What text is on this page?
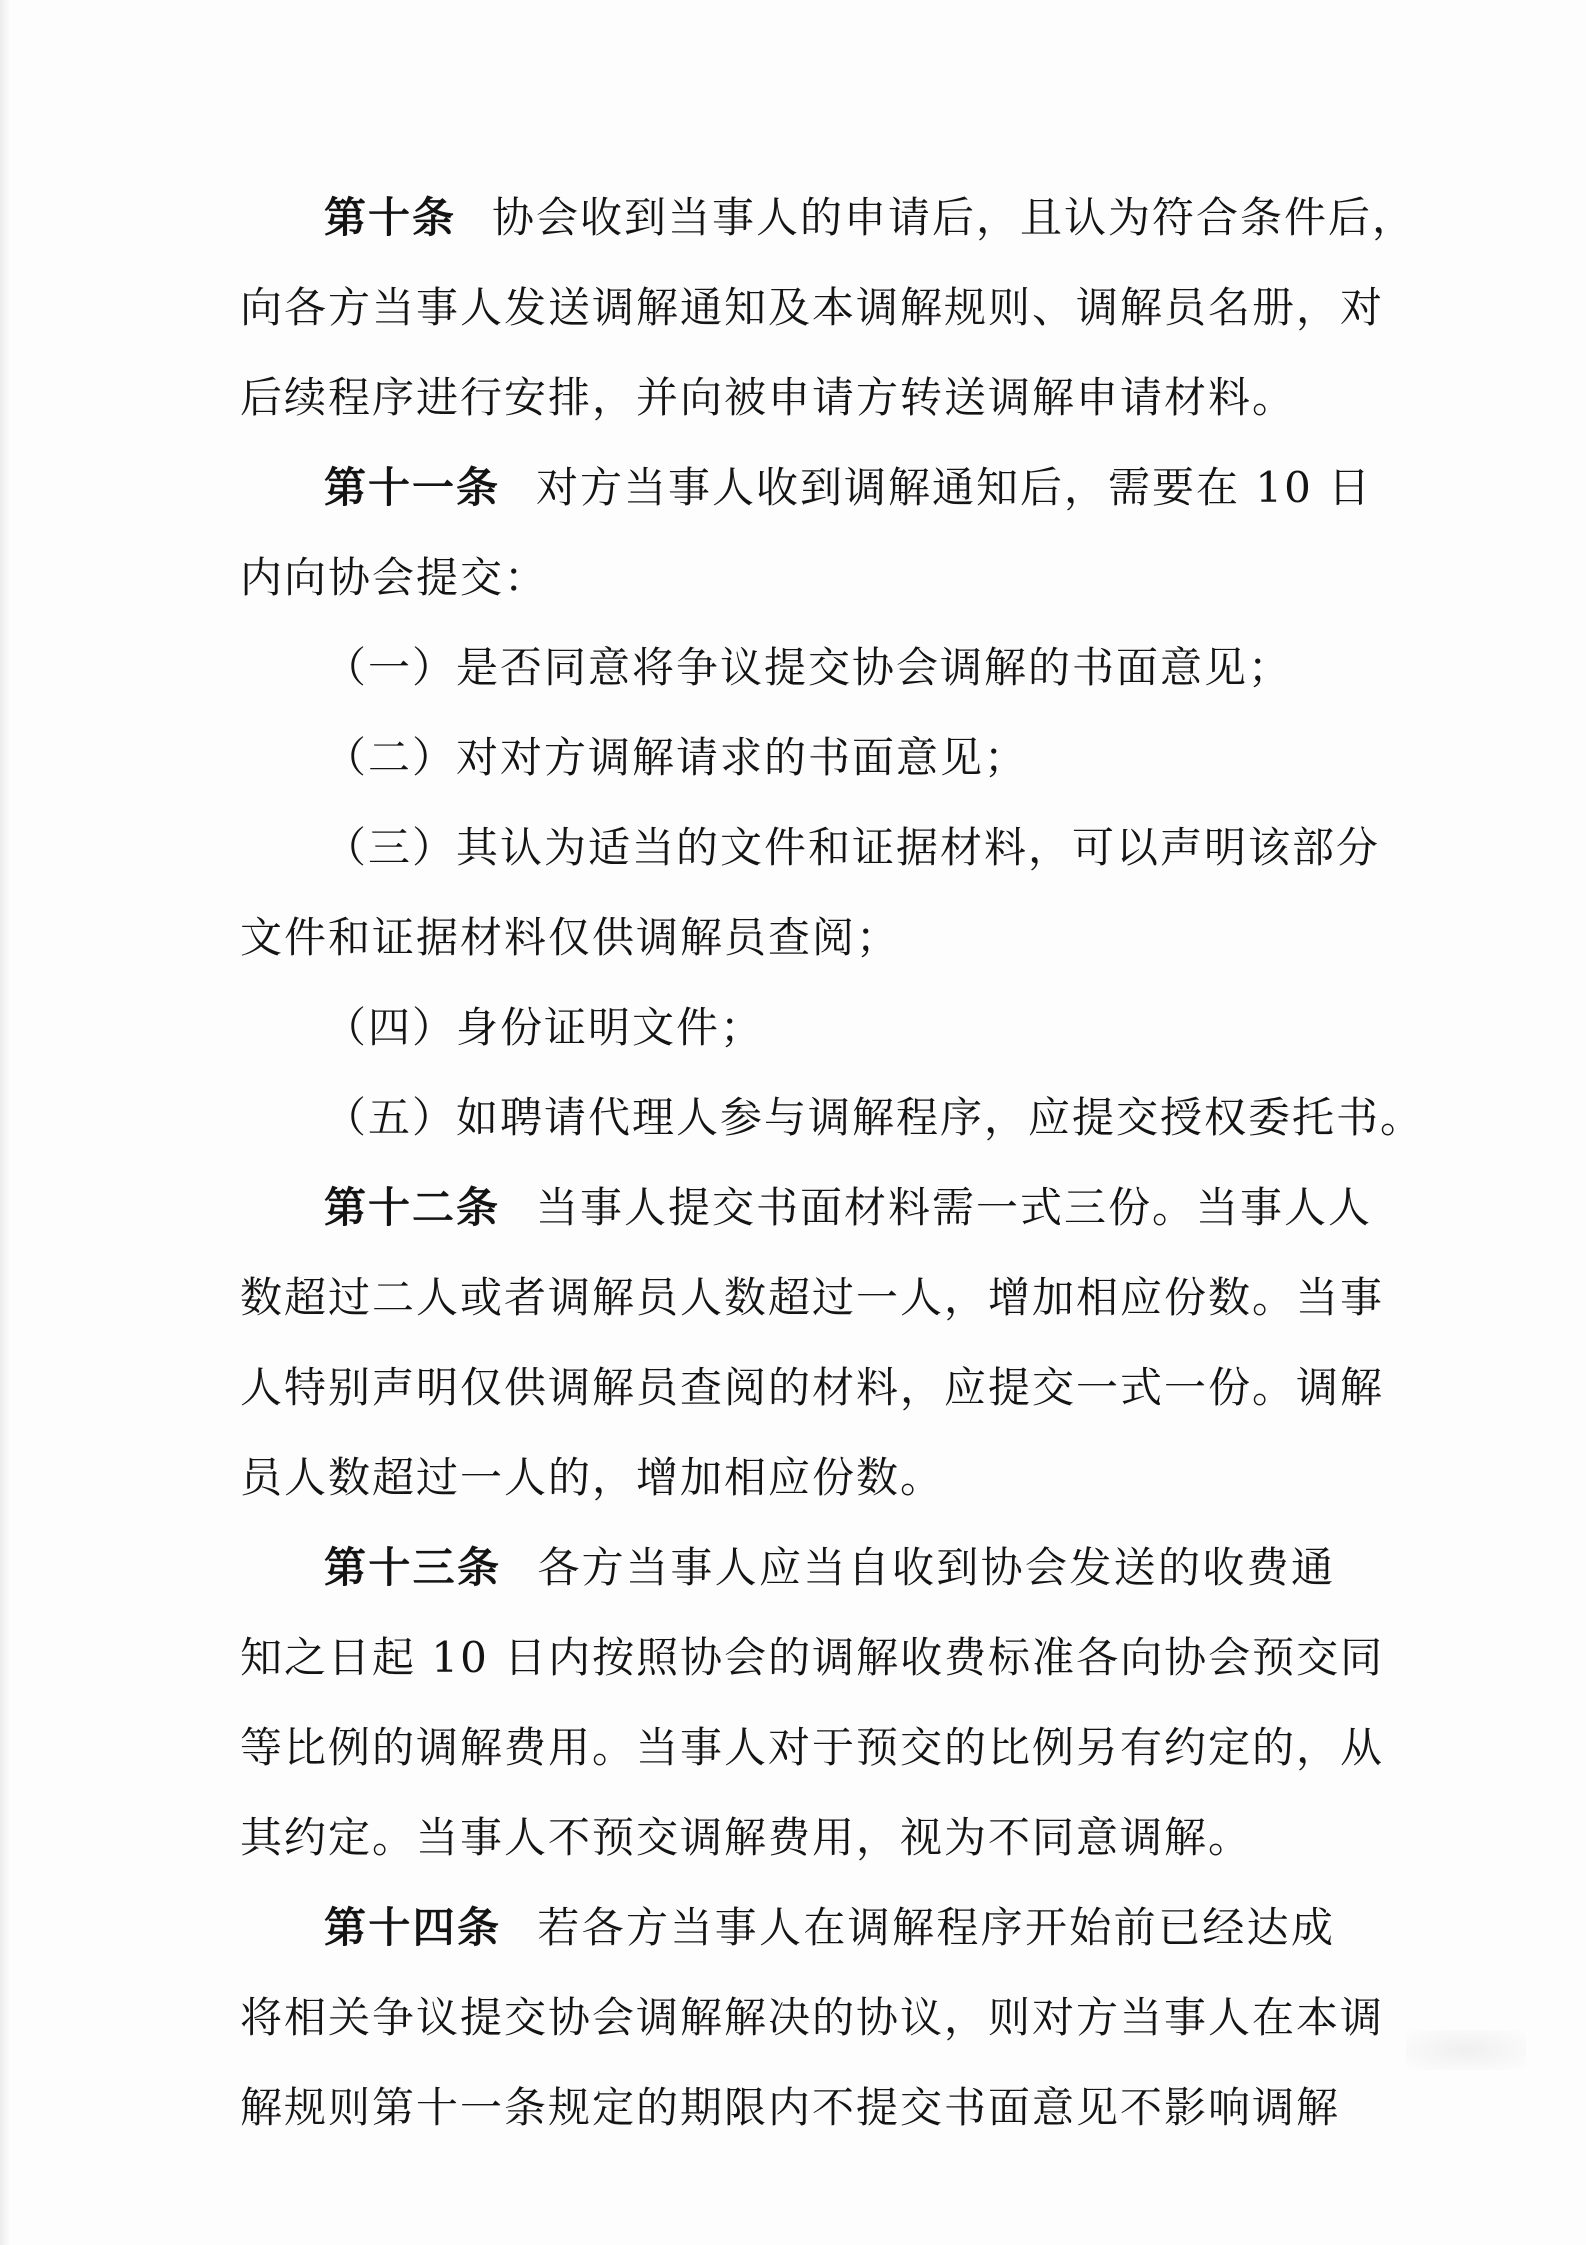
第十条 协会收到当事人的申请后，且认为符合条件后，
向各方当事人发送调解通知及本调解规则、调解员名册，对
后续程序进行安排，并向被申请方转送调解申请材料。
第十一条 对方当事人收到调解通知后，需要在 10 日
内向协会提交：
（一）是否同意将争议提交协会调解的书面意见；
（二）对对方调解请求的书面意见；
（三）其认为适当的文件和证据材料，可以声明该部分
文件和证据材料仅供调解员查阅；
（四）身份证明文件；
（五）如聘请代理人参与调解程序，应提交授权委托书。
第十二条 当事人提交书面材料需一式三份。当事人人
数超过二人或者调解员人数超过一人，增加相应份数。当事
人特别声明仅供调解员查阅的材料，应提交一式一份。调解
员人数超过一人的，增加相应份数。
第十三条 各方当事人应当自收到协会发送的收费通
知之日起 10 日内按照协会的调解收费标准各向协会预交同
等比例的调解费用。当事人对于预交的比例另有约定的，从
其约定。当事人不预交调解费用，视为不同意调解。
第十四条 若各方当事人在调解程序开始前已经达成
将相关争议提交协会调解解决的协议，则对方当事人在本调
解规则第十一条规定的期限内不提交书面意见不影响调解
